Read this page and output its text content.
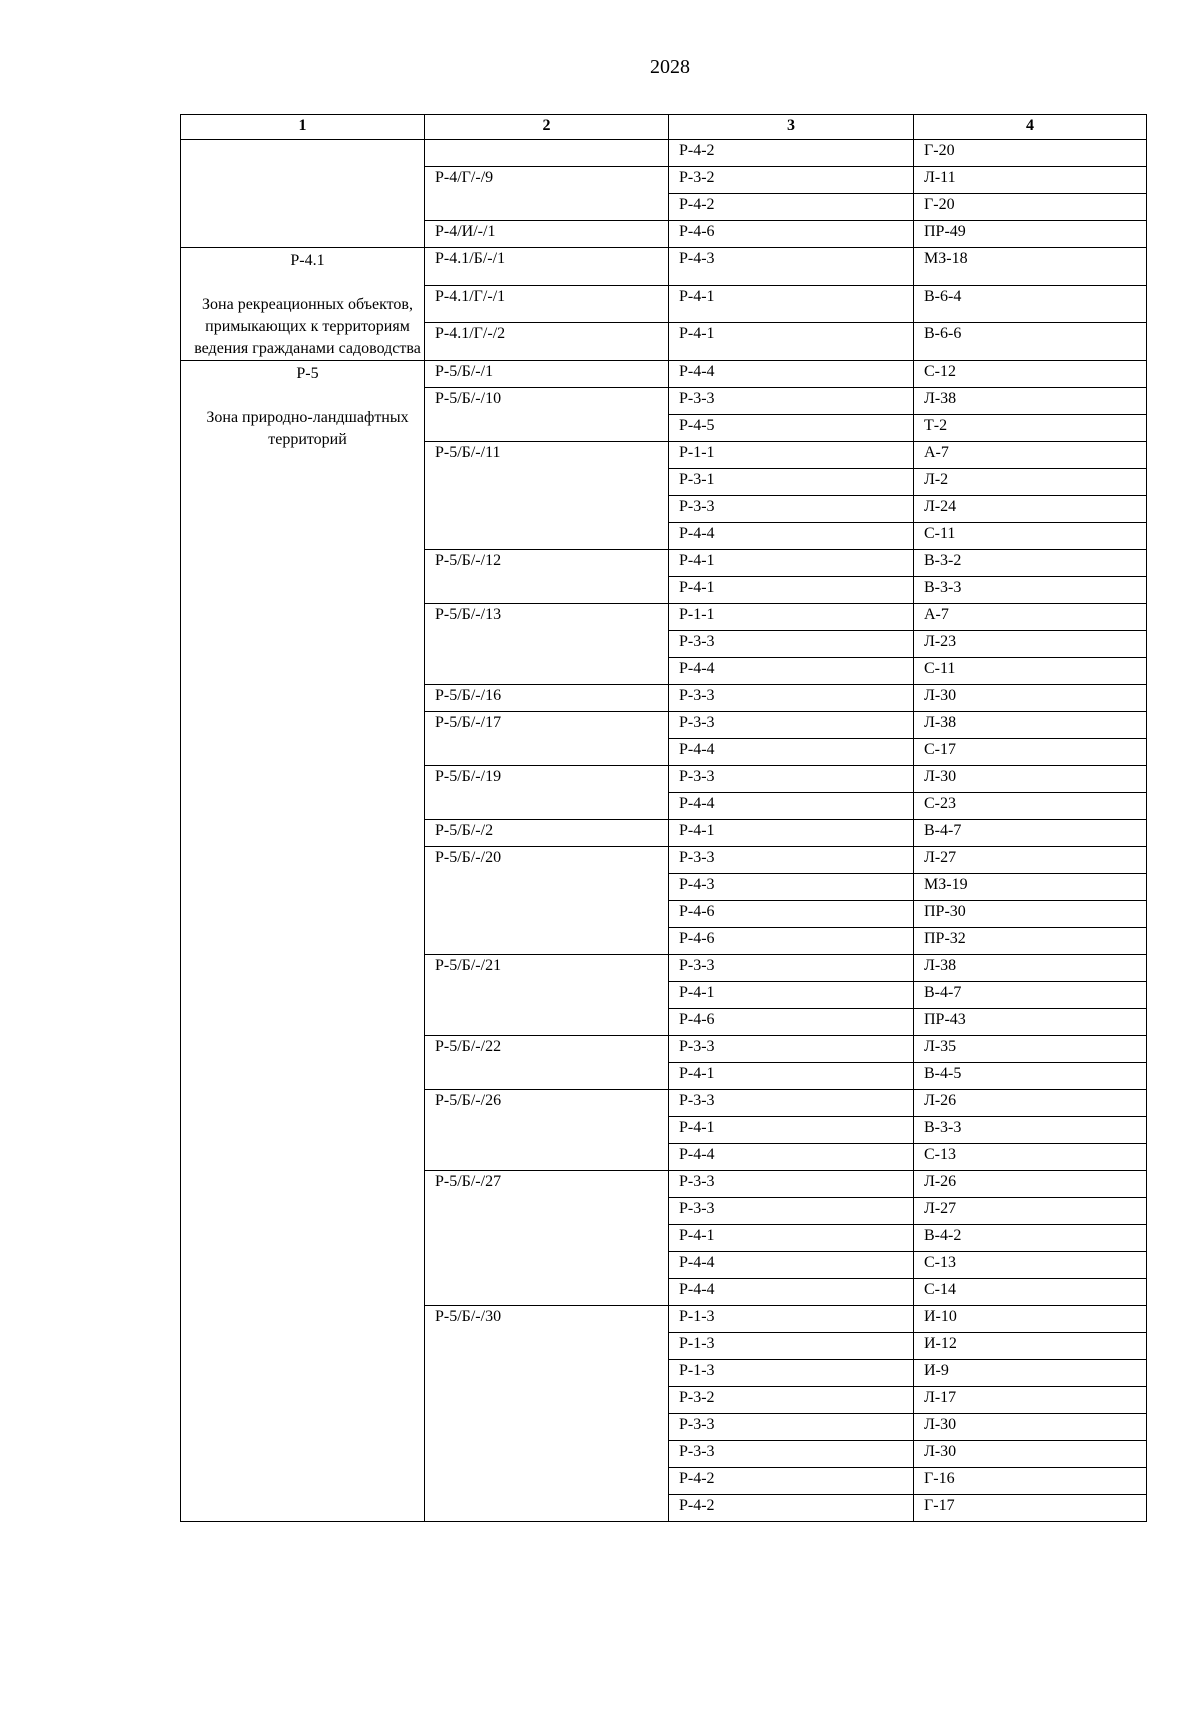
2028
1	2	3	4

		Р-4-2	Г-20
	Р-4/Г/-/9	Р-3-2	Л-11
		Р-4-2	Г-20
	Р-4/И/-/1	Р-4-6	ПР-49

Р-4.1
Зона рекреационных объектов, примыкающих к территориям ведения гражданами садоводства	Р-4.1/Б/-/1	Р-4-3	МЗ-18
	Р-4.1/Г/-/1	Р-4-1	В-6-4
	Р-4.1/Г/-/2	Р-4-1	В-6-6

Р-5
Зона природно-ландшафтных территорий	Р-5/Б/-/1	Р-4-4	С-12
	Р-5/Б/-/10	Р-3-3	Л-38
		Р-4-5	Т-2
	Р-5/Б/-/11	Р-1-1	А-7
		Р-3-1	Л-2
		Р-3-3	Л-24
		Р-4-4	С-11
	Р-5/Б/-/12	Р-4-1	В-3-2
		Р-4-1	В-3-3
	Р-5/Б/-/13	Р-1-1	А-7
		Р-3-3	Л-23
		Р-4-4	С-11
	Р-5/Б/-/16	Р-3-3	Л-30
	Р-5/Б/-/17	Р-3-3	Л-38
		Р-4-4	С-17
	Р-5/Б/-/19	Р-3-3	Л-30
		Р-4-4	С-23
	Р-5/Б/-/2	Р-4-1	В-4-7
	Р-5/Б/-/20	Р-3-3	Л-27
		Р-4-3	МЗ-19
		Р-4-6	ПР-30
		Р-4-6	ПР-32
	Р-5/Б/-/21	Р-3-3	Л-38
		Р-4-1	В-4-7
		Р-4-6	ПР-43
	Р-5/Б/-/22	Р-3-3	Л-35
		Р-4-1	В-4-5
	Р-5/Б/-/26	Р-3-3	Л-26
		Р-4-1	В-3-3
		Р-4-4	С-13
	Р-5/Б/-/27	Р-3-3	Л-26
		Р-3-3	Л-27
		Р-4-1	В-4-2
		Р-4-4	С-13
		Р-4-4	С-14
	Р-5/Б/-/30	Р-1-3	И-10
		Р-1-3	И-12
		Р-1-3	И-9
		Р-3-2	Л-17
		Р-3-3	Л-30
		Р-3-3	Л-30
		Р-4-2	Г-16
		Р-4-2	Г-17
